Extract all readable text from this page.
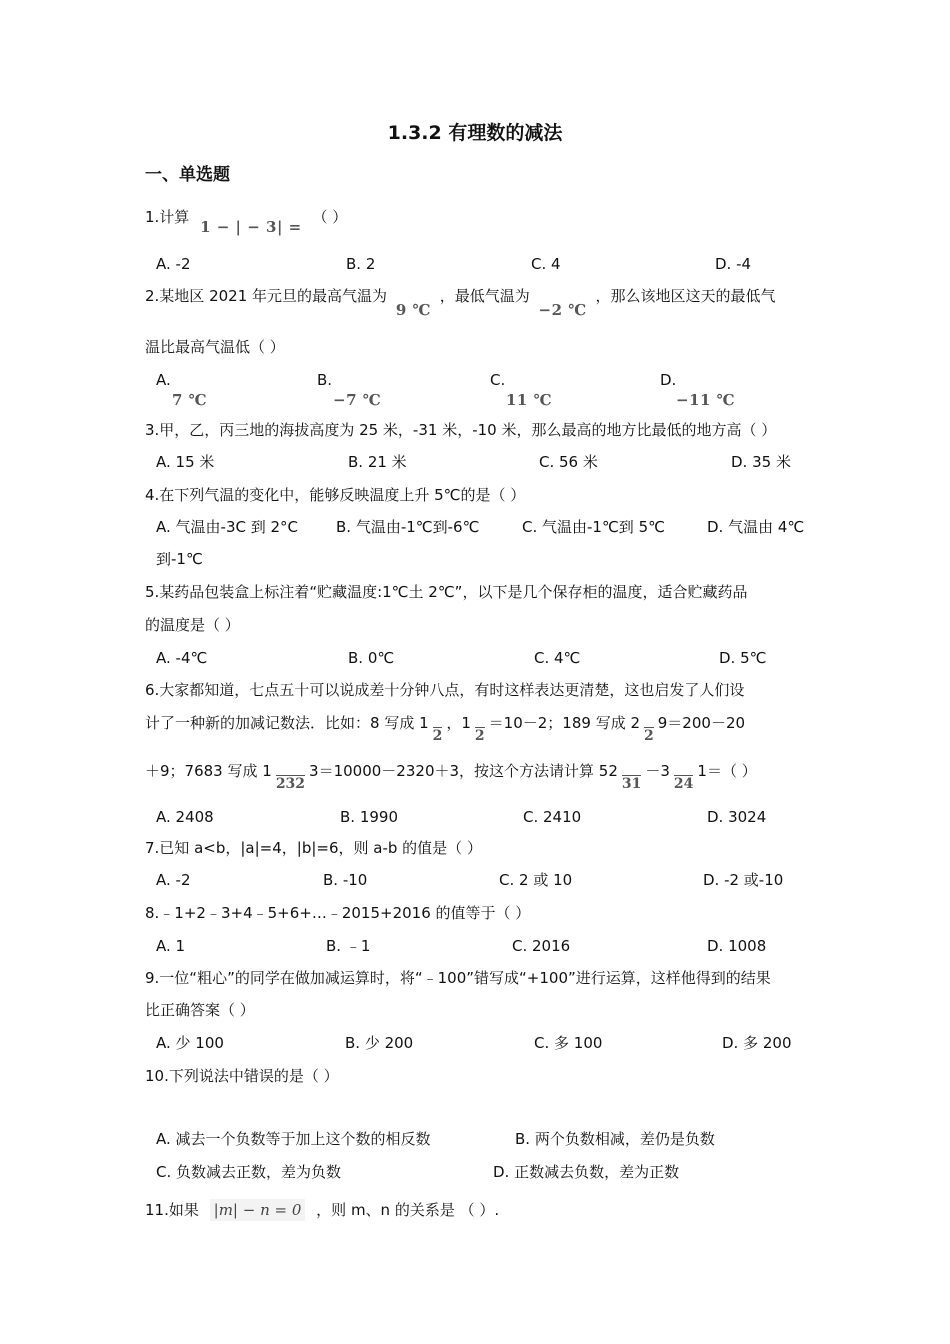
1.3.2 有理数的减法
一、单选题
1.计算 1 − | − 3| = （ ）
A. -2	B. 2	C. 4	D. -4
2.某地区 2021 年元旦的最高气温为 9 ℃ ，最低气温为 −2 ℃ ，那么该地区这天的最低气
温比最高气温低（ ）
A.
7 ℃
B.
−7 ℃
C.
11 ℃
D.
−11 ℃
3.甲，乙，丙三地的海拔高度为 25 米，-31 米，-10 米，那么最高的地方比最低的地方高（ ）
A. 15 米	B. 21 米	C. 56 米	D. 35 米
4.在下列气温的变化中，能够反映温度上升 5℃的是（ ）
A. 气温由-3C 到 2°C	B. 气温由-1℃到-6℃	C. 气温由-1℃到 5℃	D. 气温由 4℃
到-1℃
5.某药品包装盒上标注着“贮藏温度:1℃土 2℃”，以下是几个保存柜的温度，适合贮藏药品
的温度是（ ）
A. -4℃	B. 0℃	C. 4℃	D. 5℃
6.大家都知道，七点五十可以说成差十分钟八点，有时这样表达更清楚，这也启发了人们设
计了一种新的加减记数法．比如：8 写成 12，12＝10－2；189 写成 229＝200－20
＋9；7683 写成 12323＝10000－2320＋3，按这个方法请计算 5231－3241＝（ ）
A. 2408	B. 1990	C. 2410	D. 3024
7.已知 a<b，|a|=4，|b|=6，则 a-b 的值是（ ）
A. -2	B. -10	C. 2 或 10	D. -2 或-10
8.﹣1+2﹣3+4﹣5+6+…﹣2015+2016 的值等于（ ）
A. 1	B. ﹣1	C. 2016	D. 1008
9.一位“粗心”的同学在做加减运算时，将“﹣100”错写成“+100”进行运算，这样他得到的结果
比正确答案（ ）
A. 少 100	B. 少 200	C. 多 100	D. 多 200
10.下列说法中错误的是（ ）
A. 减去一个负数等于加上这个数的相反数	B. 两个负数相减，差仍是负数
C. 负数减去正数，差为负数	D. 正数减去负数，差为正数
11.如果 |m| − n = 0 ，则 m、n 的关系是 （ ）.
